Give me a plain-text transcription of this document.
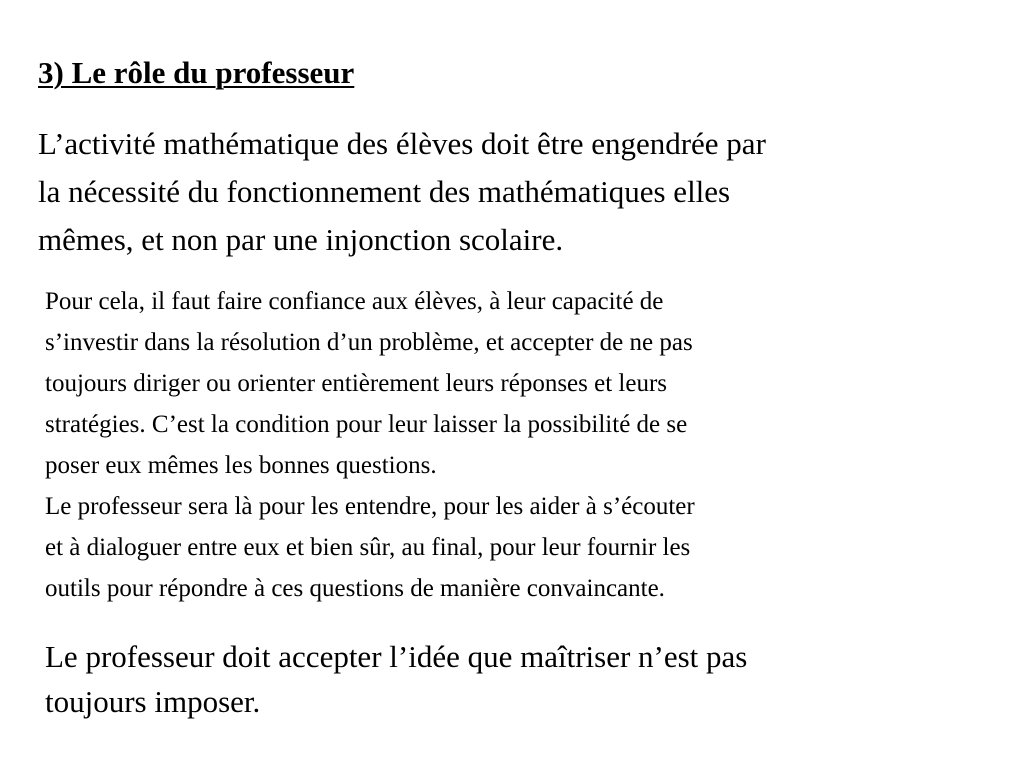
3) Le rôle du professeur
L’activité mathématique des élèves doit être engendrée par
la nécessité du fonctionnement des mathématiques elles
mêmes, et non par une injonction scolaire.

Pour cela, il faut faire confiance aux élèves, à leur capacité de
s’investir dans la résolution d’un problème, et accepter de ne pas
toujours diriger ou orienter entièrement leurs réponses et leurs
stratégies. C’est la condition pour leur laisser la possibilité de se
poser eux mêmes les bonnes questions.

Le professeur sera là pour les entendre, pour les aider à s’écouter
et à dialoguer entre eux et bien sûr, au final, pour leur fournir les
outils pour répondre à ces questions de manière convaincante.

Le professeur doit accepter l’idée que maîtriser n’est pas
toujours imposer.
